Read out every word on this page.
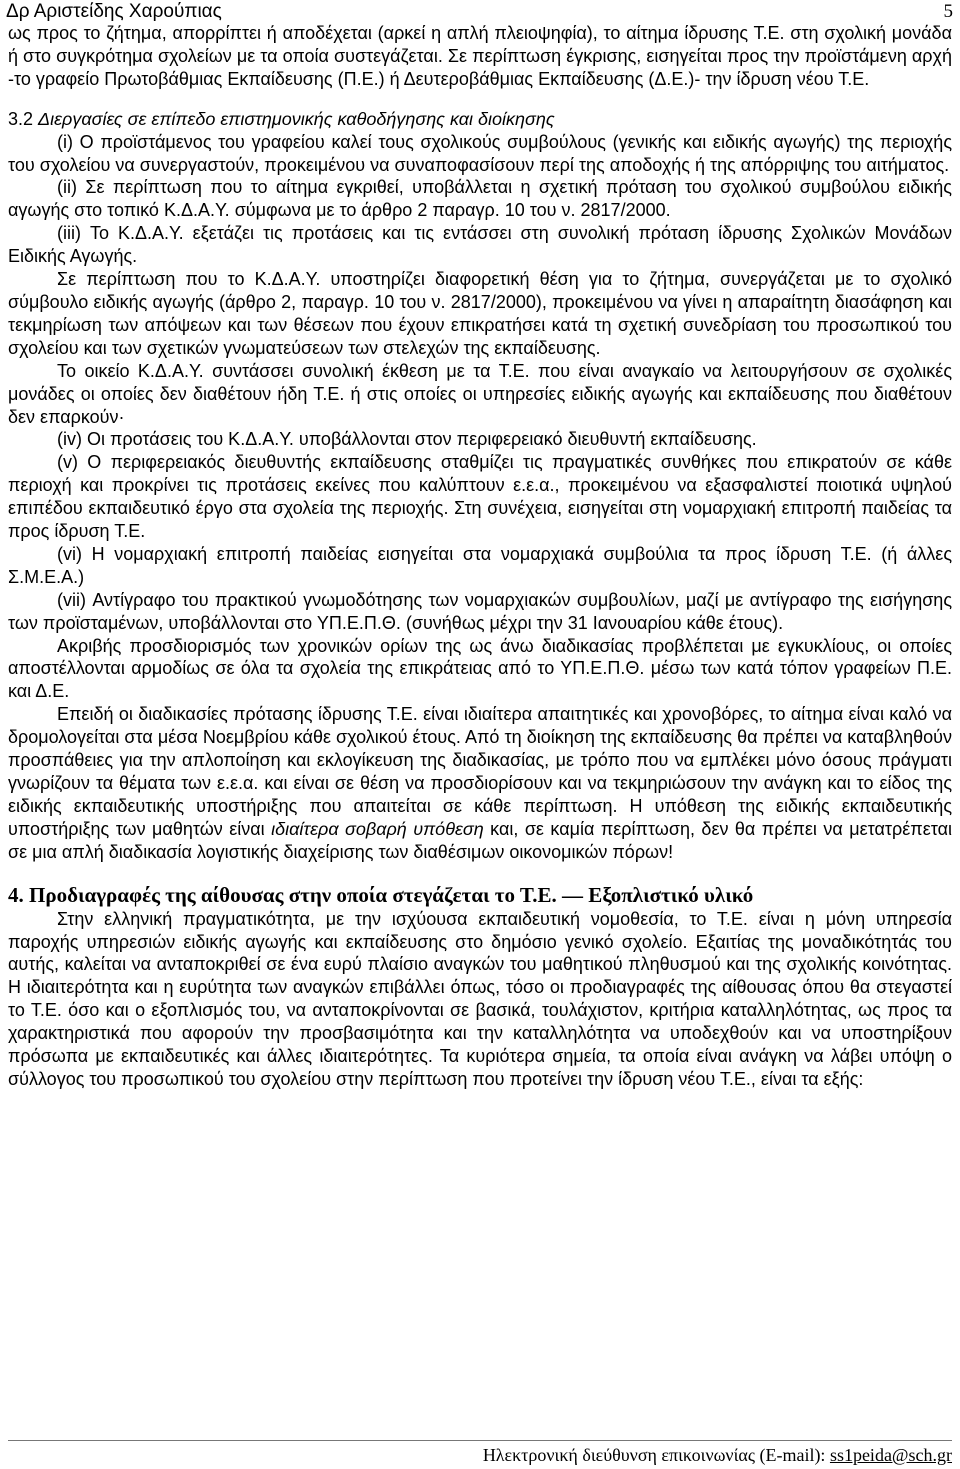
Δρ Αριστείδης Χαρούπιας	5

ως προς το ζήτημα, απορρίπτει ή αποδέχεται (αρκεί η απλή πλειοψηφία), το αίτημα ίδρυσης Τ.Ε. στη σχολική μονάδα ή στο συγκρότημα σχολείων με τα οποία συστεγάζεται. Σε περίπτωση έγκρισης, εισηγείται προς την προϊστάμενη αρχή -το γραφείο Πρωτοβάθμιας Εκπαίδευσης (Π.Ε.) ή Δευτεροβάθμιας Εκπαίδευσης (Δ.Ε.)- την ίδρυση νέου Τ.Ε.

3.2 Διεργασίες σε επίπεδο επιστημονικής καθοδήγησης και διοίκησης

(i) Ο προϊστάμενος του γραφείου καλεί τους σχολικούς συμβούλους (γενικής και ειδικής αγωγής) της περιοχής του σχολείου να συνεργαστούν, προκειμένου να συναποφασίσουν περί της αποδοχής ή της απόρριψης του αιτήματος.

(ii) Σε περίπτωση που το αίτημα εγκριθεί, υποβάλλεται η σχετική πρόταση του σχολικού συμβούλου ειδικής αγωγής στο τοπικό Κ.Δ.Α.Υ. σύμφωνα με το άρθρο 2 παραγρ. 10 του ν. 2817/2000.

(iii) Το Κ.Δ.Α.Υ. εξετάζει τις προτάσεις και τις εντάσσει στη συνολική πρόταση ίδρυσης Σχολικών Μονάδων Ειδικής Αγωγής.

Σε περίπτωση που το Κ.Δ.Α.Υ. υποστηρίζει διαφορετική θέση για το ζήτημα, συνεργάζεται με το σχολικό σύμβουλο ειδικής αγωγής (άρθρο 2, παραγρ. 10 του ν. 2817/2000), προκειμένου να γίνει η απαραίτητη διασάφηση και τεκμηρίωση των απόψεων και των θέσεων που έχουν επικρατήσει κατά τη σχετική συνεδρίαση του προσωπικού του σχολείου και των σχετικών γνωματεύσεων των στελεχών της εκπαίδευσης.

Το οικείο Κ.Δ.Α.Υ. συντάσσει συνολική έκθεση με τα Τ.Ε. που είναι αναγκαίο να λειτουργήσουν σε σχολικές μονάδες οι οποίες δεν διαθέτουν ήδη Τ.Ε. ή στις οποίες οι υπηρεσίες ειδικής αγωγής και εκπαίδευσης που διαθέτουν δεν επαρκούν·

(iv) Οι προτάσεις του Κ.Δ.Α.Υ. υποβάλλονται στον περιφερειακό διευθυντή εκπαίδευσης.

(v) Ο περιφερειακός διευθυντής εκπαίδευσης σταθμίζει τις πραγματικές συνθήκες που επικρατούν σε κάθε περιοχή και προκρίνει τις προτάσεις εκείνες που καλύπτουν ε.ε.α., προκειμένου να εξασφαλιστεί ποιοτικά υψηλού επιπέδου εκπαιδευτικό έργο στα σχολεία της περιοχής. Στη συνέχεια, εισηγείται στη νομαρχιακή επιτροπή παιδείας τα προς ίδρυση Τ.Ε.

(vi) Η νομαρχιακή επιτροπή παιδείας εισηγείται στα νομαρχιακά συμβούλια τα προς ίδρυση Τ.Ε. (ή άλλες Σ.Μ.Ε.Α.)

(vii) Αντίγραφο του πρακτικού γνωμοδότησης των νομαρχιακών συμβουλίων, μαζί με αντίγραφο της εισήγησης των προϊσταμένων, υποβάλλονται στο ΥΠ.Ε.Π.Θ. (συνήθως μέχρι την 31 Ιανουαρίου κάθε έτους).

Ακριβής προσδιορισμός των χρονικών ορίων της ως άνω διαδικασίας προβλέπεται με εγκυκλίους, οι οποίες αποστέλλονται αρμοδίως σε όλα τα σχολεία της επικράτειας από το ΥΠ.Ε.Π.Θ. μέσω των κατά τόπον γραφείων Π.Ε. και Δ.Ε.

Επειδή οι διαδικασίες πρότασης ίδρυσης Τ.Ε. είναι ιδιαίτερα απαιτητικές και χρονοβόρες, το αίτημα είναι καλό να δρομολογείται στα μέσα Νοεμβρίου κάθε σχολικού έτους. Από τη διοίκηση της εκπαίδευσης θα πρέπει να καταβληθούν προσπάθειες για την απλοποίηση και εκλογίκευση της διαδικασίας, με τρόπο που να εμπλέκει μόνο όσους πράγματι γνωρίζουν τα θέματα των ε.ε.α. και είναι σε θέση να προσδιορίσουν και να τεκμηριώσουν την ανάγκη και το είδος της ειδικής εκπαιδευτικής υποστήριξης που απαιτείται σε κάθε περίπτωση. Η υπόθεση της ειδικής εκπαιδευτικής υποστήριξης των μαθητών είναι ιδιαίτερα σοβαρή υπόθεση και, σε καμία περίπτωση, δεν θα πρέπει να μετατρέπεται σε μια απλή διαδικασία λογιστικής διαχείρισης των διαθέσιμων οικονομικών πόρων!

4. Προδιαγραφές της αίθουσας στην οποία στεγάζεται το Τ.Ε. ― Εξοπλιστικό υλικό

Στην ελληνική πραγματικότητα, με την ισχύουσα εκπαιδευτική νομοθεσία, το Τ.Ε. είναι η μόνη υπηρεσία παροχής υπηρεσιών ειδικής αγωγής και εκπαίδευσης στο δημόσιο γενικό σχολείο. Εξαιτίας της μοναδικότητάς του αυτής, καλείται να ανταποκριθεί σε ένα ευρύ πλαίσιο αναγκών του μαθητικού πληθυσμού και της σχολικής κοινότητας. Η ιδιαιτερότητα και η ευρύτητα των αναγκών επιβάλλει όπως, τόσο οι προδιαγραφές της αίθουσας όπου θα στεγαστεί το Τ.Ε. όσο και ο εξοπλισμός του, να ανταποκρίνονται σε βασικά, τουλάχιστον, κριτήρια καταλληλότητας, ως προς τα χαρακτηριστικά που αφορούν την προσβασιμότητα και την καταλληλότητα να υποδεχθούν και να υποστηρίξουν πρόσωπα με εκπαιδευτικές και άλλες ιδιαιτερότητες. Τα κυριότερα σημεία, τα οποία είναι ανάγκη να λάβει υπόψη ο σύλλογος του προσωπικού του σχολείου στην περίπτωση που προτείνει την ίδρυση νέου Τ.Ε., είναι τα εξής:

Ηλεκτρονική διεύθυνση επικοινωνίας (E-mail): ss1peida@sch.gr
